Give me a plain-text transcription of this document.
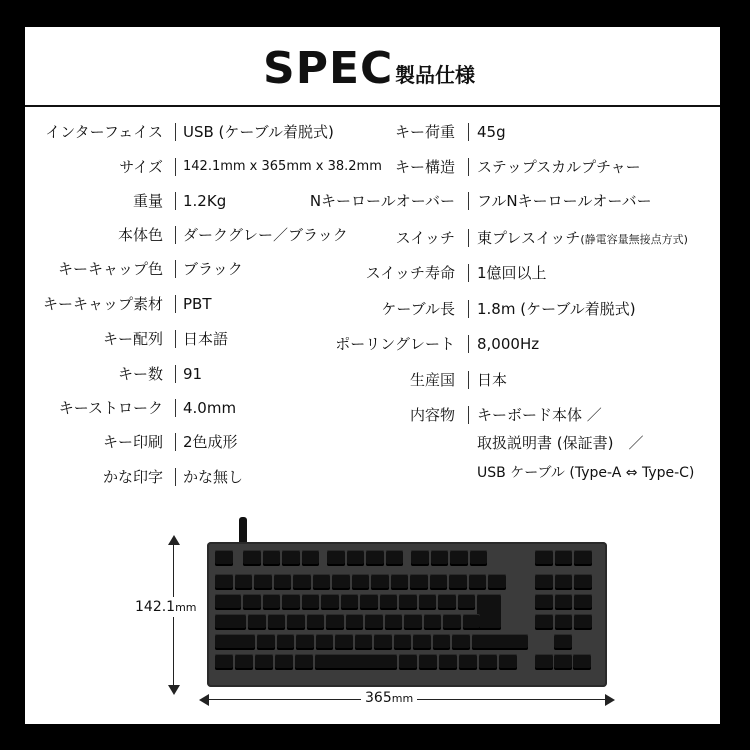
SPEC 製品仕様
インターフェイス USB (ケーブル着脱式)
サイズ 142.1mm x 365mm x 38.2mm
重量 1.2Kg
本体色 ダークグレー／ブラック
キーキャップ色 ブラック
キーキャップ素材 PBT
キー配列 日本語
キー数 91
キーストローク 4.0mm
キー印刷 2色成形
かな印字 かな無し
キー荷重 45g
キー構造 ステップスカルプチャー
Nキーロールオーバー フルNキーロールオーバー
スイッチ 東プレスイッチ(静電容量無接点方式)
スイッチ寿命 1億回以上
ケーブル長 1.8m (ケーブル着脱式)
ポーリングレート 8,000Hz
生産国 日本
内容物 キーボード本体 ／
取扱説明書 (保証書)　／
USB ケーブル (Type-A ⇔ Type-C)
142.1mm
365mm
